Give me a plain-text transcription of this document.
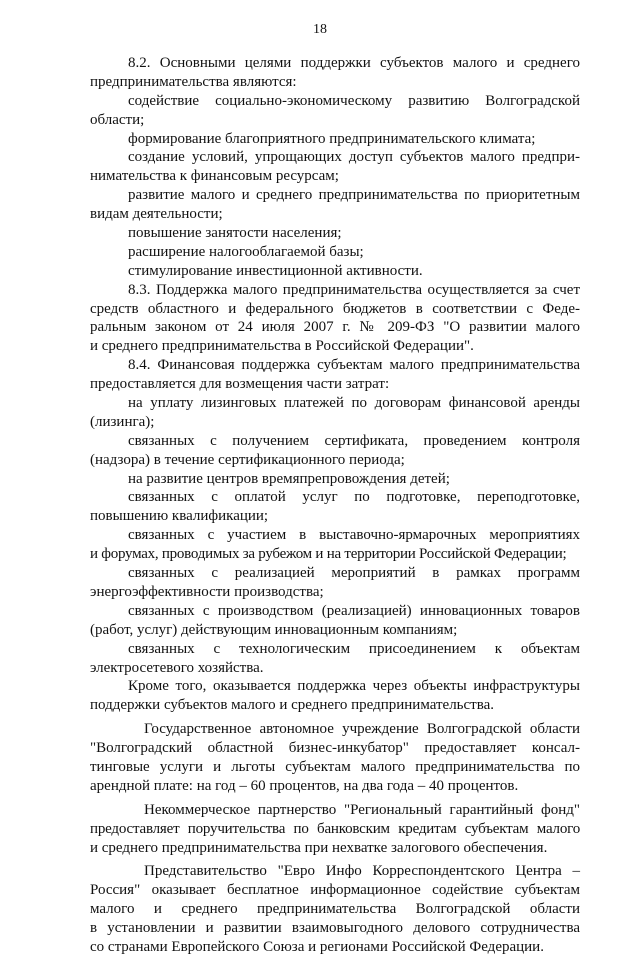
18
8.2. Основными целями поддержки субъектов малого и среднего
предпринимательства являются:
содействие социально-экономическому развитию Волгоградской
области;
формирование благоприятного предпринимательского климата;
создание условий, упрощающих доступ субъектов малого предпри-
нимательства к финансовым ресурсам;
развитие малого и среднего предпринимательства по приоритетным
видам деятельности;
повышение занятости населения;
расширение налогооблагаемой базы;
стимулирование инвестиционной активности.
8.3. Поддержка малого предпринимательства осуществляется за счет
средств областного и федерального бюджетов в соответствии с Феде-
ральным законом от 24 июля 2007 г. № 209-ФЗ "О развитии малого
и среднего предпринимательства в Российской Федерации".
8.4. Финансовая поддержка субъектам малого предпринимательства
предоставляется для возмещения части затрат:
на уплату лизинговых платежей по договорам финансовой аренды
(лизинга);
связанных с получением сертификата, проведением контроля
(надзора) в течение сертификационного периода;
на развитие центров времяпрепровождения детей;
связанных с оплатой услуг по подготовке, переподготовке,
повышению квалификации;
связанных с участием в выставочно-ярмарочных мероприятиях
и форумах, проводимых за рубежом и на территории Российской Федерации;
связанных с реализацией мероприятий в рамках программ
энергоэффективности производства;
связанных с производством (реализацией) инновационных товаров
(работ, услуг) действующим инновационным компаниям;
связанных с технологическим присоединением к объектам
электросетевого хозяйства.
Кроме того, оказывается поддержка через объекты инфраструктуры
поддержки субъектов малого и среднего предпринимательства.
Государственное автономное учреждение Волгоградской области
"Волгоградский областной бизнес-инкубатор" предоставляет консал-
тинговые услуги и льготы субъектам малого предпринимательства по
арендной плате: на год – 60 процентов, на два года – 40 процентов.
Некоммерческое партнерство "Региональный гарантийный фонд"
предоставляет поручительства по банковским кредитам субъектам малого
и среднего предпринимательства при нехватке залогового обеспечения.
Представительство "Евро Инфо Корреспондентского Центра –
Россия" оказывает бесплатное информационное содействие субъектам
малого и среднего предпринимательства Волгоградской области
в установлении и развитии взаимовыгодного делового сотрудничества
со странами Европейского Союза и регионами Российской Федерации.
